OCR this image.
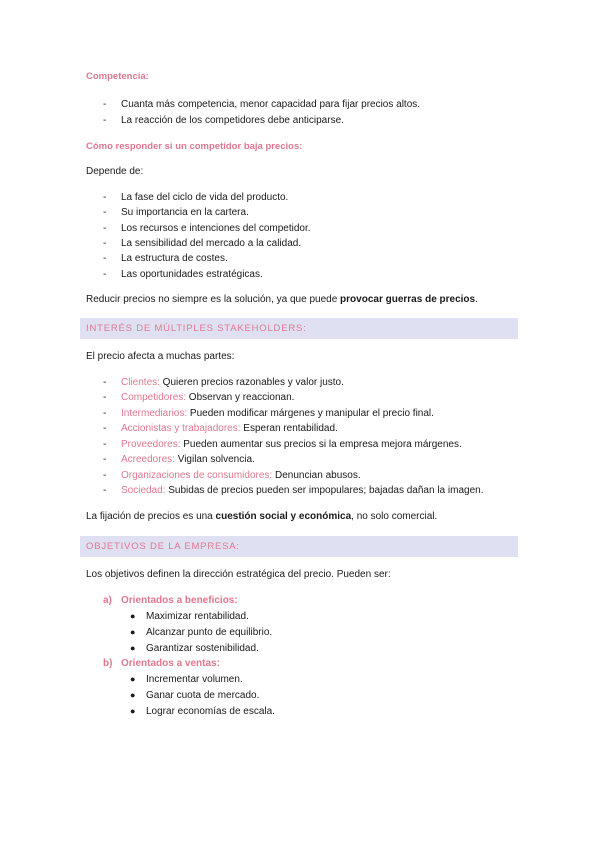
Competencia:
- Cuanta más competencia, menor capacidad para fijar precios altos.
- La reacción de los competidores debe anticiparse.
Cómo responder si un competidor baja precios:
Depende de:
- La fase del ciclo de vida del producto.
- Su importancia en la cartera.
- Los recursos e intenciones del competidor.
- La sensibilidad del mercado a la calidad.
- La estructura de costes.
- Las oportunidades estratégicas.
Reducir precios no siempre es la solución, ya que puede provocar guerras de precios.
INTERÉS DE MÚLTIPLES STAKEHOLDERS:
El precio afecta a muchas partes:
- Clientes: Quieren precios razonables y valor justo.
- Competidores: Observan y reaccionan.
- Intermediarios: Pueden modificar márgenes y manipular el precio final.
- Accionistas y trabajadores: Esperan rentabilidad.
- Proveedores: Pueden aumentar sus precios si la empresa mejora márgenes.
- Acreedores: Vigilan solvencia.
- Organizaciones de consumidores: Denuncian abusos.
- Sociedad: Subidas de precios pueden ser impopulares; bajadas dañan la imagen.
La fijación de precios es una cuestión social y económica, no solo comercial.
OBJETIVOS DE LA EMPRESA:
Los objetivos definen la dirección estratégica del precio. Pueden ser:
a) Orientados a beneficios:
● Maximizar rentabilidad.
● Alcanzar punto de equilibrio.
● Garantizar sostenibilidad.
b) Orientados a ventas:
● Incrementar volumen.
● Ganar cuota de mercado.
● Lograr economías de escala.
